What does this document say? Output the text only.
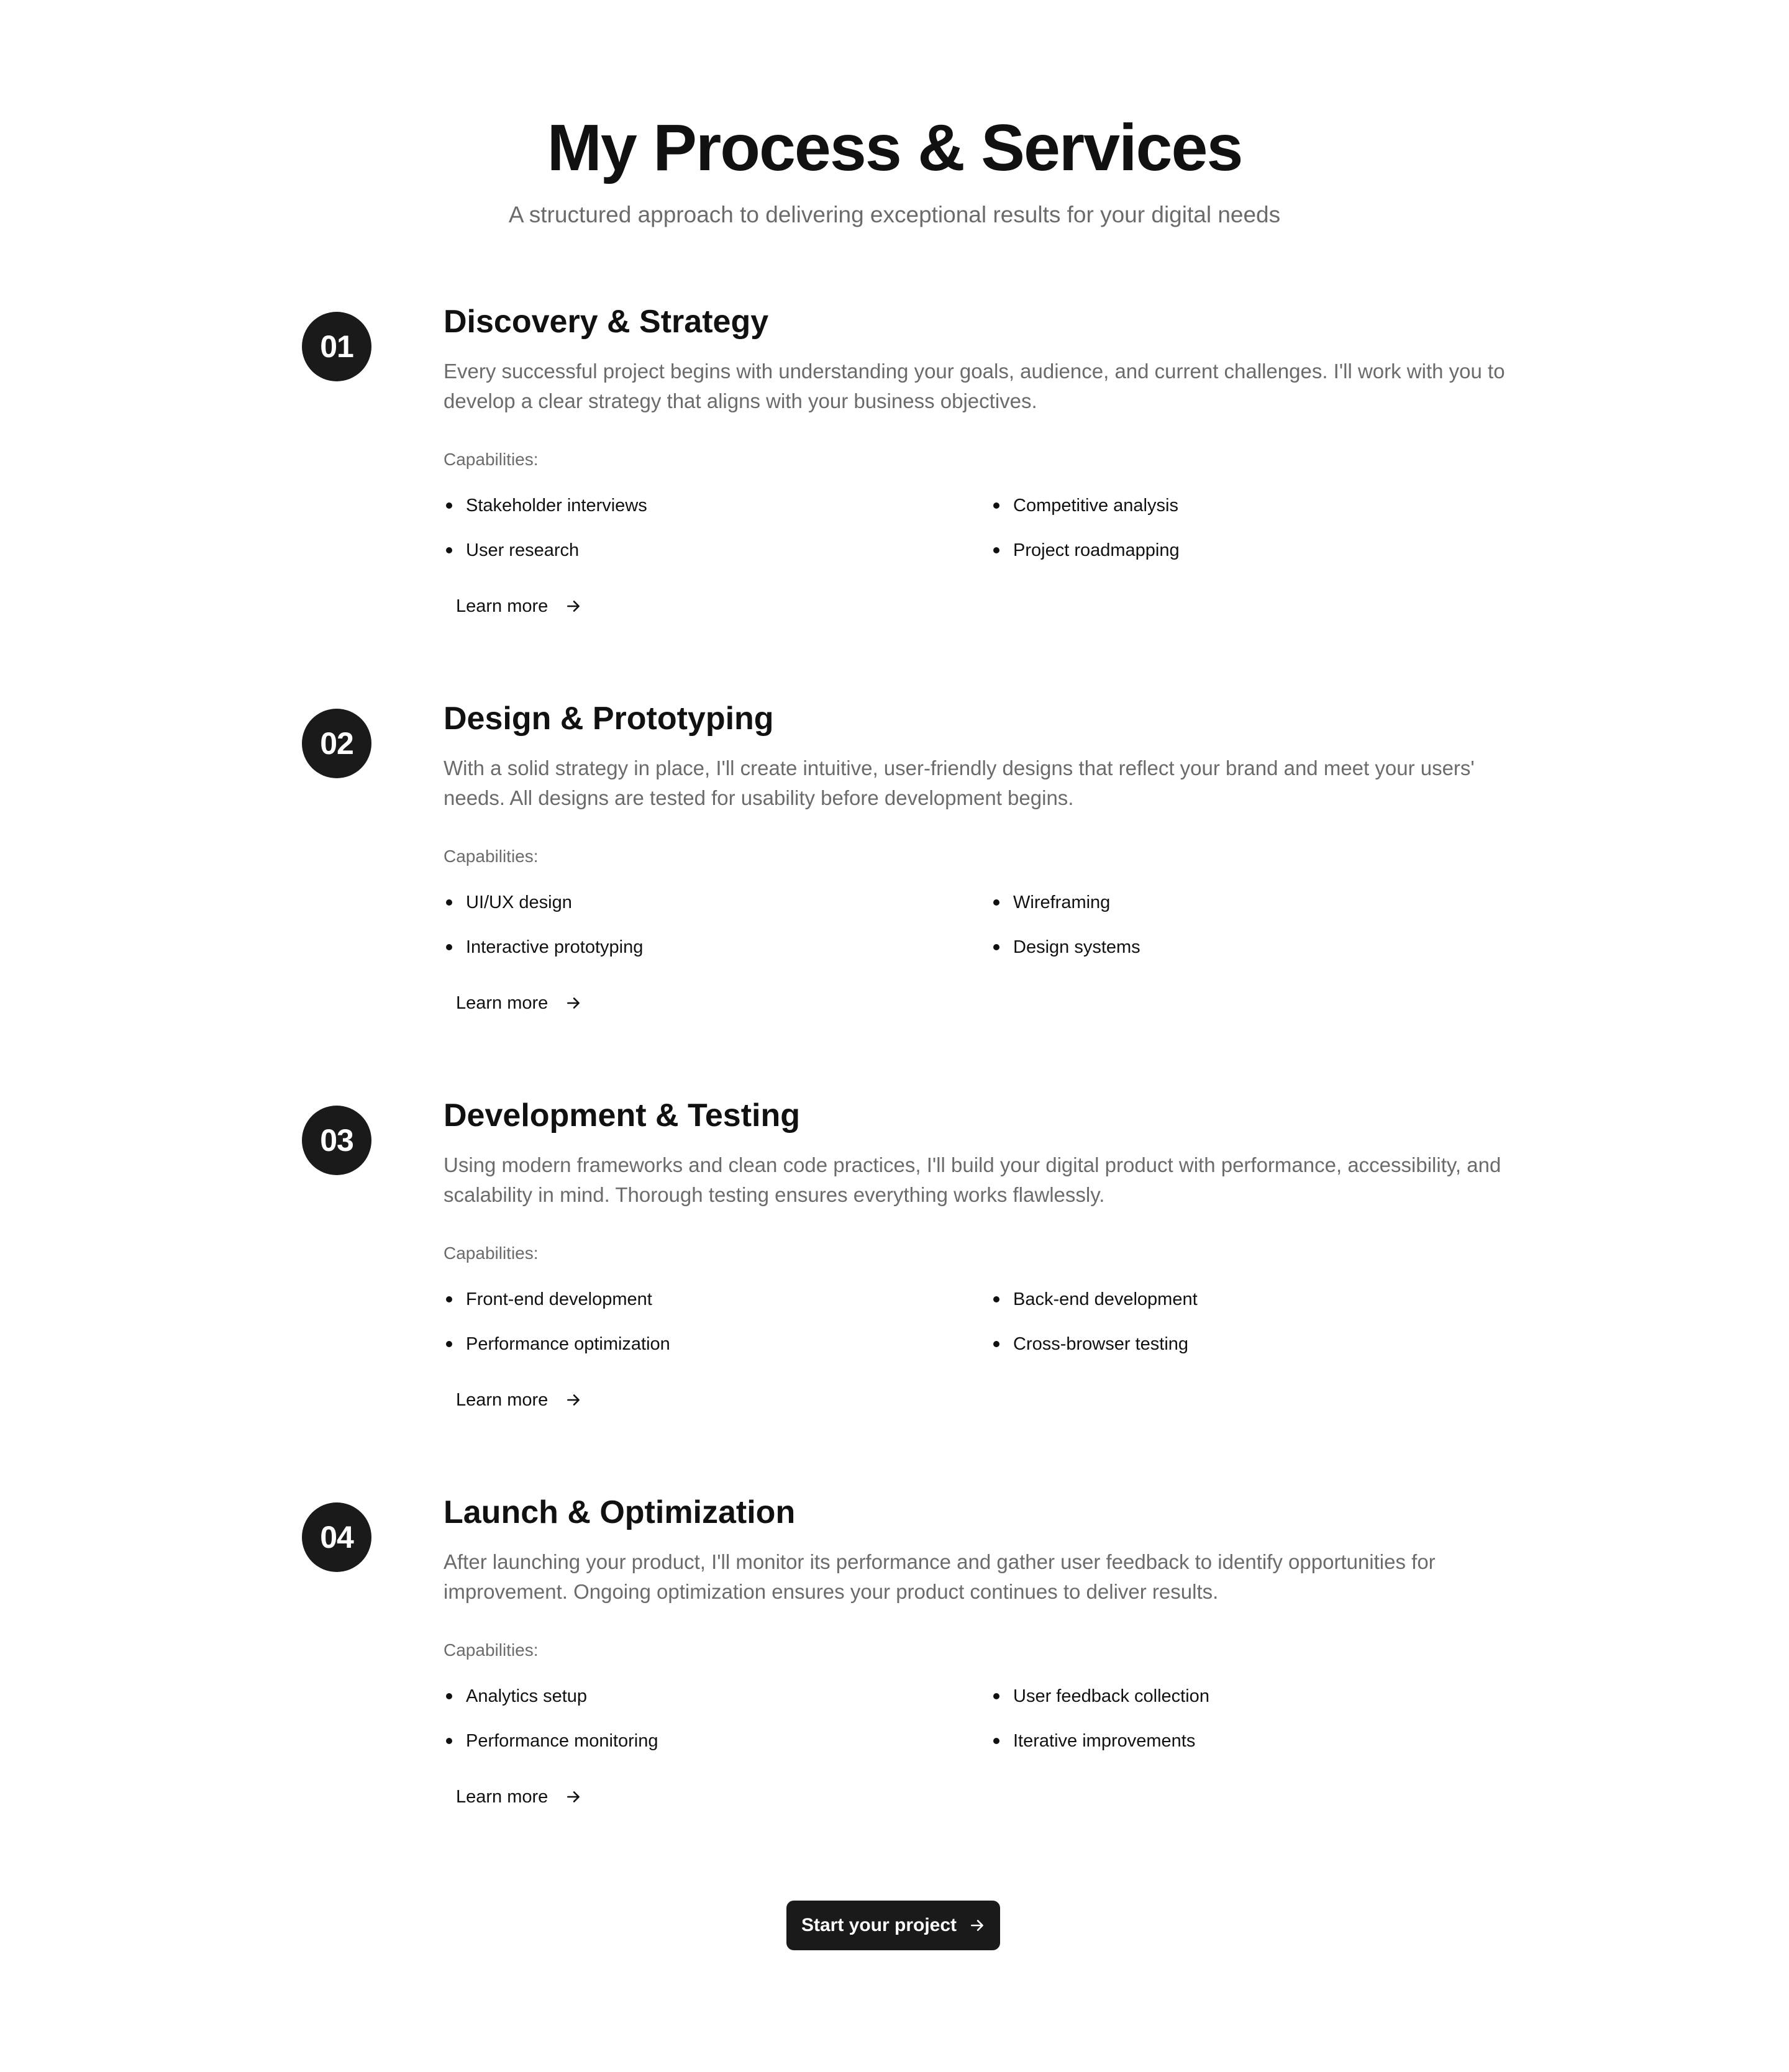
My Process & Services

A structured approach to delivering exceptional results for your digital needs

01
Discovery & Strategy

Every successful project begins with understanding your goals, audience, and current challenges. I'll work with you to develop a clear strategy that aligns with your business objectives.

Capabilities:

Stakeholder interviews	Competitive analysis
User research	Project roadmapping
Learn more
02
Design & Prototyping

With a solid strategy in place, I'll create intuitive, user-friendly designs that reflect your brand and meet your users' needs. All designs are tested for usability before development begins.

Capabilities:

UI/UX design	Wireframing
Interactive prototyping	Design systems
Learn more
03
Development & Testing

Using modern frameworks and clean code practices, I'll build your digital product with performance, accessibility, and scalability in mind. Thorough testing ensures everything works flawlessly.

Capabilities:

Front-end development	Back-end development
Performance optimization	Cross-browser testing
Learn more
04
Launch & Optimization

After launching your product, I'll monitor its performance and gather user feedback to identify opportunities for improvement. Ongoing optimization ensures your product continues to deliver results.

Capabilities:

Analytics setup	User feedback collection
Performance monitoring	Iterative improvements
Learn more
Start your project
